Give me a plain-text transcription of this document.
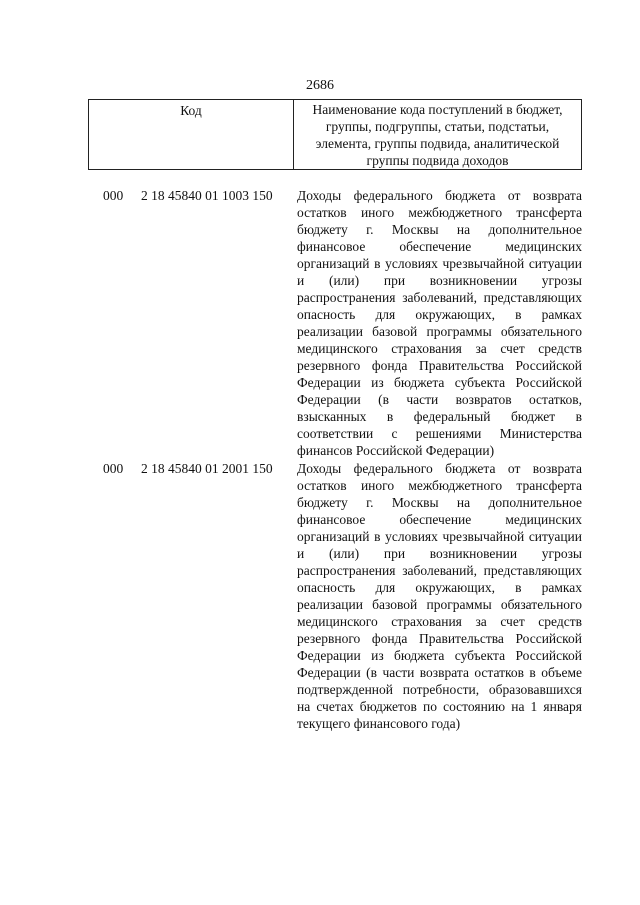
2686
Код	Наименование кода поступлений в бюджет, группы, подгруппы, статьи, подстатьи, элемента, группы подвида, аналитической группы подвида доходов
000 2 18 45840 01 1003 150 Доходы федерального бюджета от возврата остатков иного межбюджетного трансферта бюджету г. Москвы на дополнительное финансовое обеспечение медицинских организаций в условиях чрезвычайной ситуации и (или) при возникновении угрозы распространения заболеваний, представляющих опасность для окружающих, в рамках реализации базовой программы обязательного медицинского страхования за счет средств резервного фонда Правительства Российской Федерации из бюджета субъекта Российской Федерации (в части возвратов остатков, взысканных в федеральный бюджет в соответствии с решениями Министерства финансов Российской Федерации)
000 2 18 45840 01 2001 150 Доходы федерального бюджета от возврата остатков иного межбюджетного трансферта бюджету г. Москвы на дополнительное финансовое обеспечение медицинских организаций в условиях чрезвычайной ситуации и (или) при возникновении угрозы распространения заболеваний, представляющих опасность для окружающих, в рамках реализации базовой программы обязательного медицинского страхования за счет средств резервного фонда Правительства Российской Федерации из бюджета субъекта Российской Федерации (в части возврата остатков в объеме подтвержденной потребности, образовавшихся на счетах бюджетов по состоянию на 1 января текущего финансового года)
